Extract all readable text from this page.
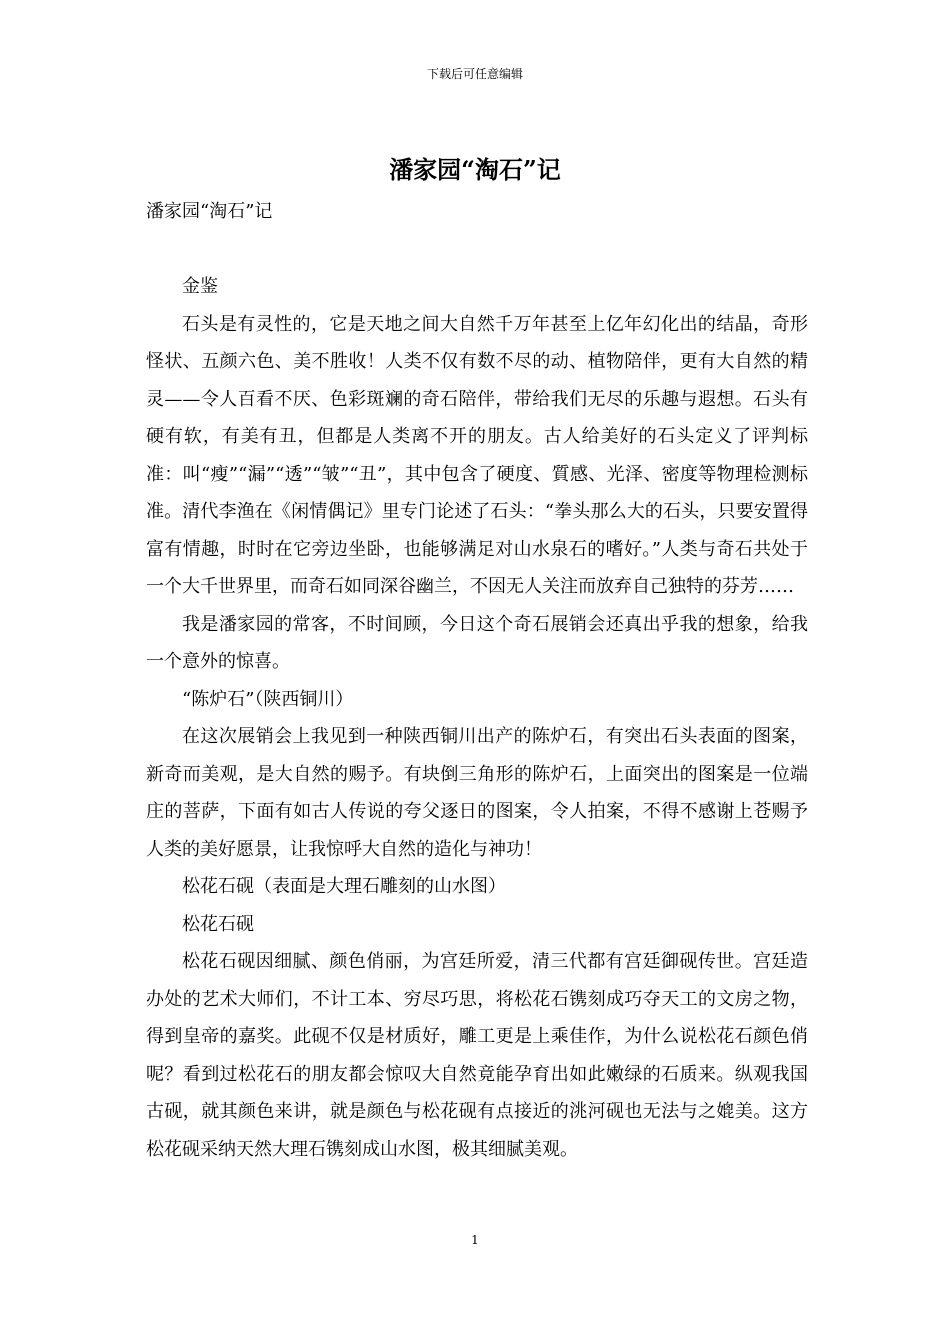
下载后可任意编辑
潘家园“淘石”记

潘家园“淘石”记

金鉴

石头是有灵性的，它是天地之间大自然千万年甚至上亿年幻化出的结晶，奇形怪状、五颜六色、美不胜收！人类不仅有数不尽的动、植物陪伴，更有大自然的精灵——令人百看不厌、色彩斑斓的奇石陪伴，带给我们无尽的乐趣与遐想。石头有硬有软，有美有丑，但都是人类离不开的朋友。古人给美好的石头定义了评判标准：叫“瘦”“漏”“透”“皱”“丑”，其中包含了硬度、質感、光泽、密度等物理检测标准。清代李渔在《闲情偶记》里专门论述了石头：“拳头那么大的石头，只要安置得富有情趣，时时在它旁边坐卧，也能够满足对山水泉石的嗜好。”人类与奇石共处于一个大千世界里，而奇石如同深谷幽兰，不因无人关注而放弃自己独特的芬芳……

我是潘家园的常客，不时间顾，今日这个奇石展销会还真出乎我的想象，给我一个意外的惊喜。

“陈炉石”（陕西铜川）

在这次展销会上我见到一种陕西铜川出产的陈炉石，有突出石头表面的图案，新奇而美观，是大自然的赐予。有块倒三角形的陈炉石，上面突出的图案是一位端庄的菩萨，下面有如古人传说的夸父逐日的图案，令人拍案，不得不感谢上苍赐予人类的美好愿景，让我惊呼大自然的造化与神功！

松花石砚（表面是大理石雕刻的山水图）

松花石砚

松花石砚因细腻、颜色俏丽，为宫廷所爱，清三代都有宫廷御砚传世。宫廷造办处的艺术大师们，不计工本、穷尽巧思，将松花石镌刻成巧夺天工的文房之物，得到皇帝的嘉奖。此砚不仅是材质好，雕工更是上乘佳作，为什么说松花石颜色俏呢？看到过松花石的朋友都会惊叹大自然竟能孕育出如此嫩绿的石质来。纵观我国古砚，就其颜色来讲，就是颜色与松花砚有点接近的洮河砚也无法与之媲美。这方松花砚采纳天然大理石镌刻成山水图，极其细腻美观。

1
